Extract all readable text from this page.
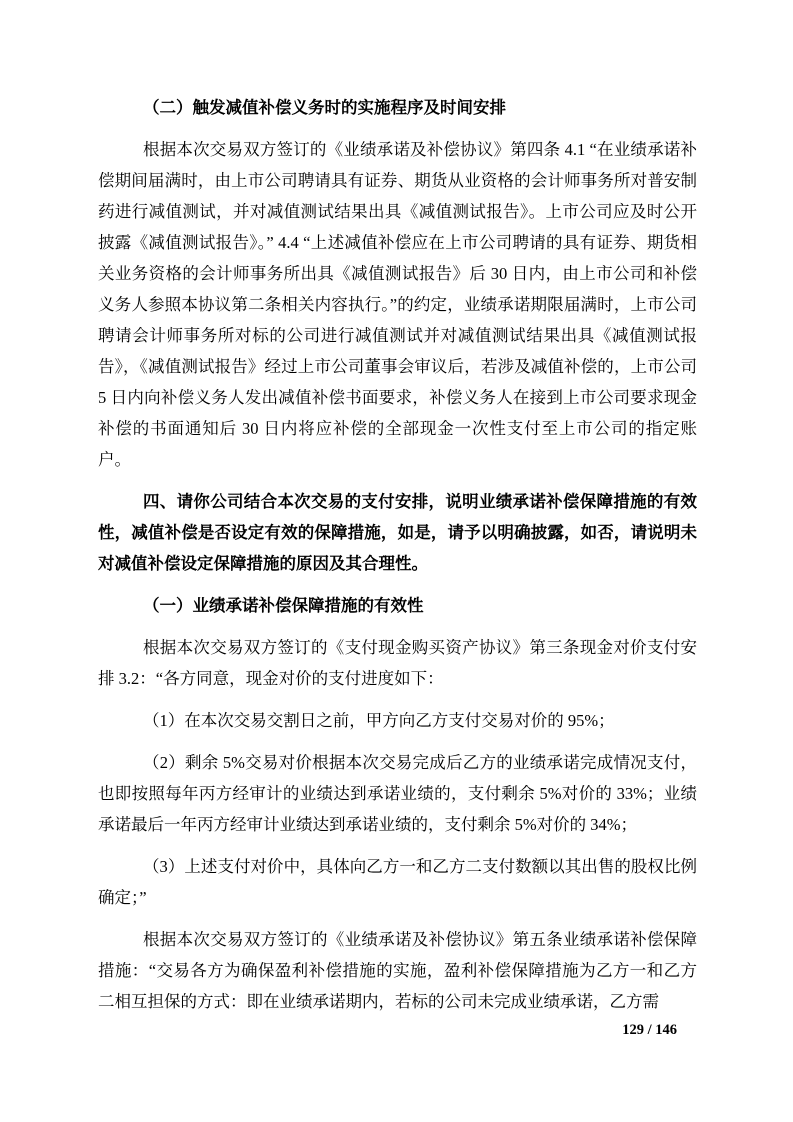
（二）触发减值补偿义务时的实施程序及时间安排

根据本次交易双方签订的《业绩承诺及补偿协议》第四条 4.1 “在业绩承诺补偿期间届满时，由上市公司聘请具有证券、期货从业资格的会计师事务所对普安制药进行减值测试，并对减值测试结果出具《减值测试报告》。上市公司应及时公开披露《减值测试报告》。” 4.4 “上述减值补偿应在上市公司聘请的具有证券、期货相关业务资格的会计师事务所出具《减值测试报告》后 30 日内，由上市公司和补偿义务人参照本协议第二条相关内容执行。”的约定，业绩承诺期限届满时，上市公司聘请会计师事务所对标的公司进行减值测试并对减值测试结果出具《减值测试报告》，《减值测试报告》经过上市公司董事会审议后，若涉及减值补偿的，上市公司 5 日内向补偿义务人发出减值补偿书面要求，补偿义务人在接到上市公司要求现金补偿的书面通知后 30 日内将应补偿的全部现金一次性支付至上市公司的指定账户。

四、请你公司结合本次交易的支付安排，说明业绩承诺补偿保障措施的有效性，减值补偿是否设定有效的保障措施，如是，请予以明确披露，如否，请说明未对减值补偿设定保障措施的原因及其合理性。

（一）业绩承诺补偿保障措施的有效性

根据本次交易双方签订的《支付现金购买资产协议》第三条现金对价支付安排 3.2：“各方同意，现金对价的支付进度如下：

（1）在本次交易交割日之前，甲方向乙方支付交易对价的 95%；

（2）剩余 5%交易对价根据本次交易完成后乙方的业绩承诺完成情况支付，也即按照每年丙方经审计的业绩达到承诺业绩的，支付剩余 5%对价的 33%；业绩承诺最后一年丙方经审计业绩达到承诺业绩的，支付剩余 5%对价的 34%；

（3）上述支付对价中，具体向乙方一和乙方二支付数额以其出售的股权比例确定；”

根据本次交易双方签订的《业绩承诺及补偿协议》第五条业绩承诺补偿保障措施：“交易各方为确保盈利补偿措施的实施，盈利补偿保障措施为乙方一和乙方二相互担保的方式：即在业绩承诺期内，若标的公司未完成业绩承诺，乙方需

129 / 146
